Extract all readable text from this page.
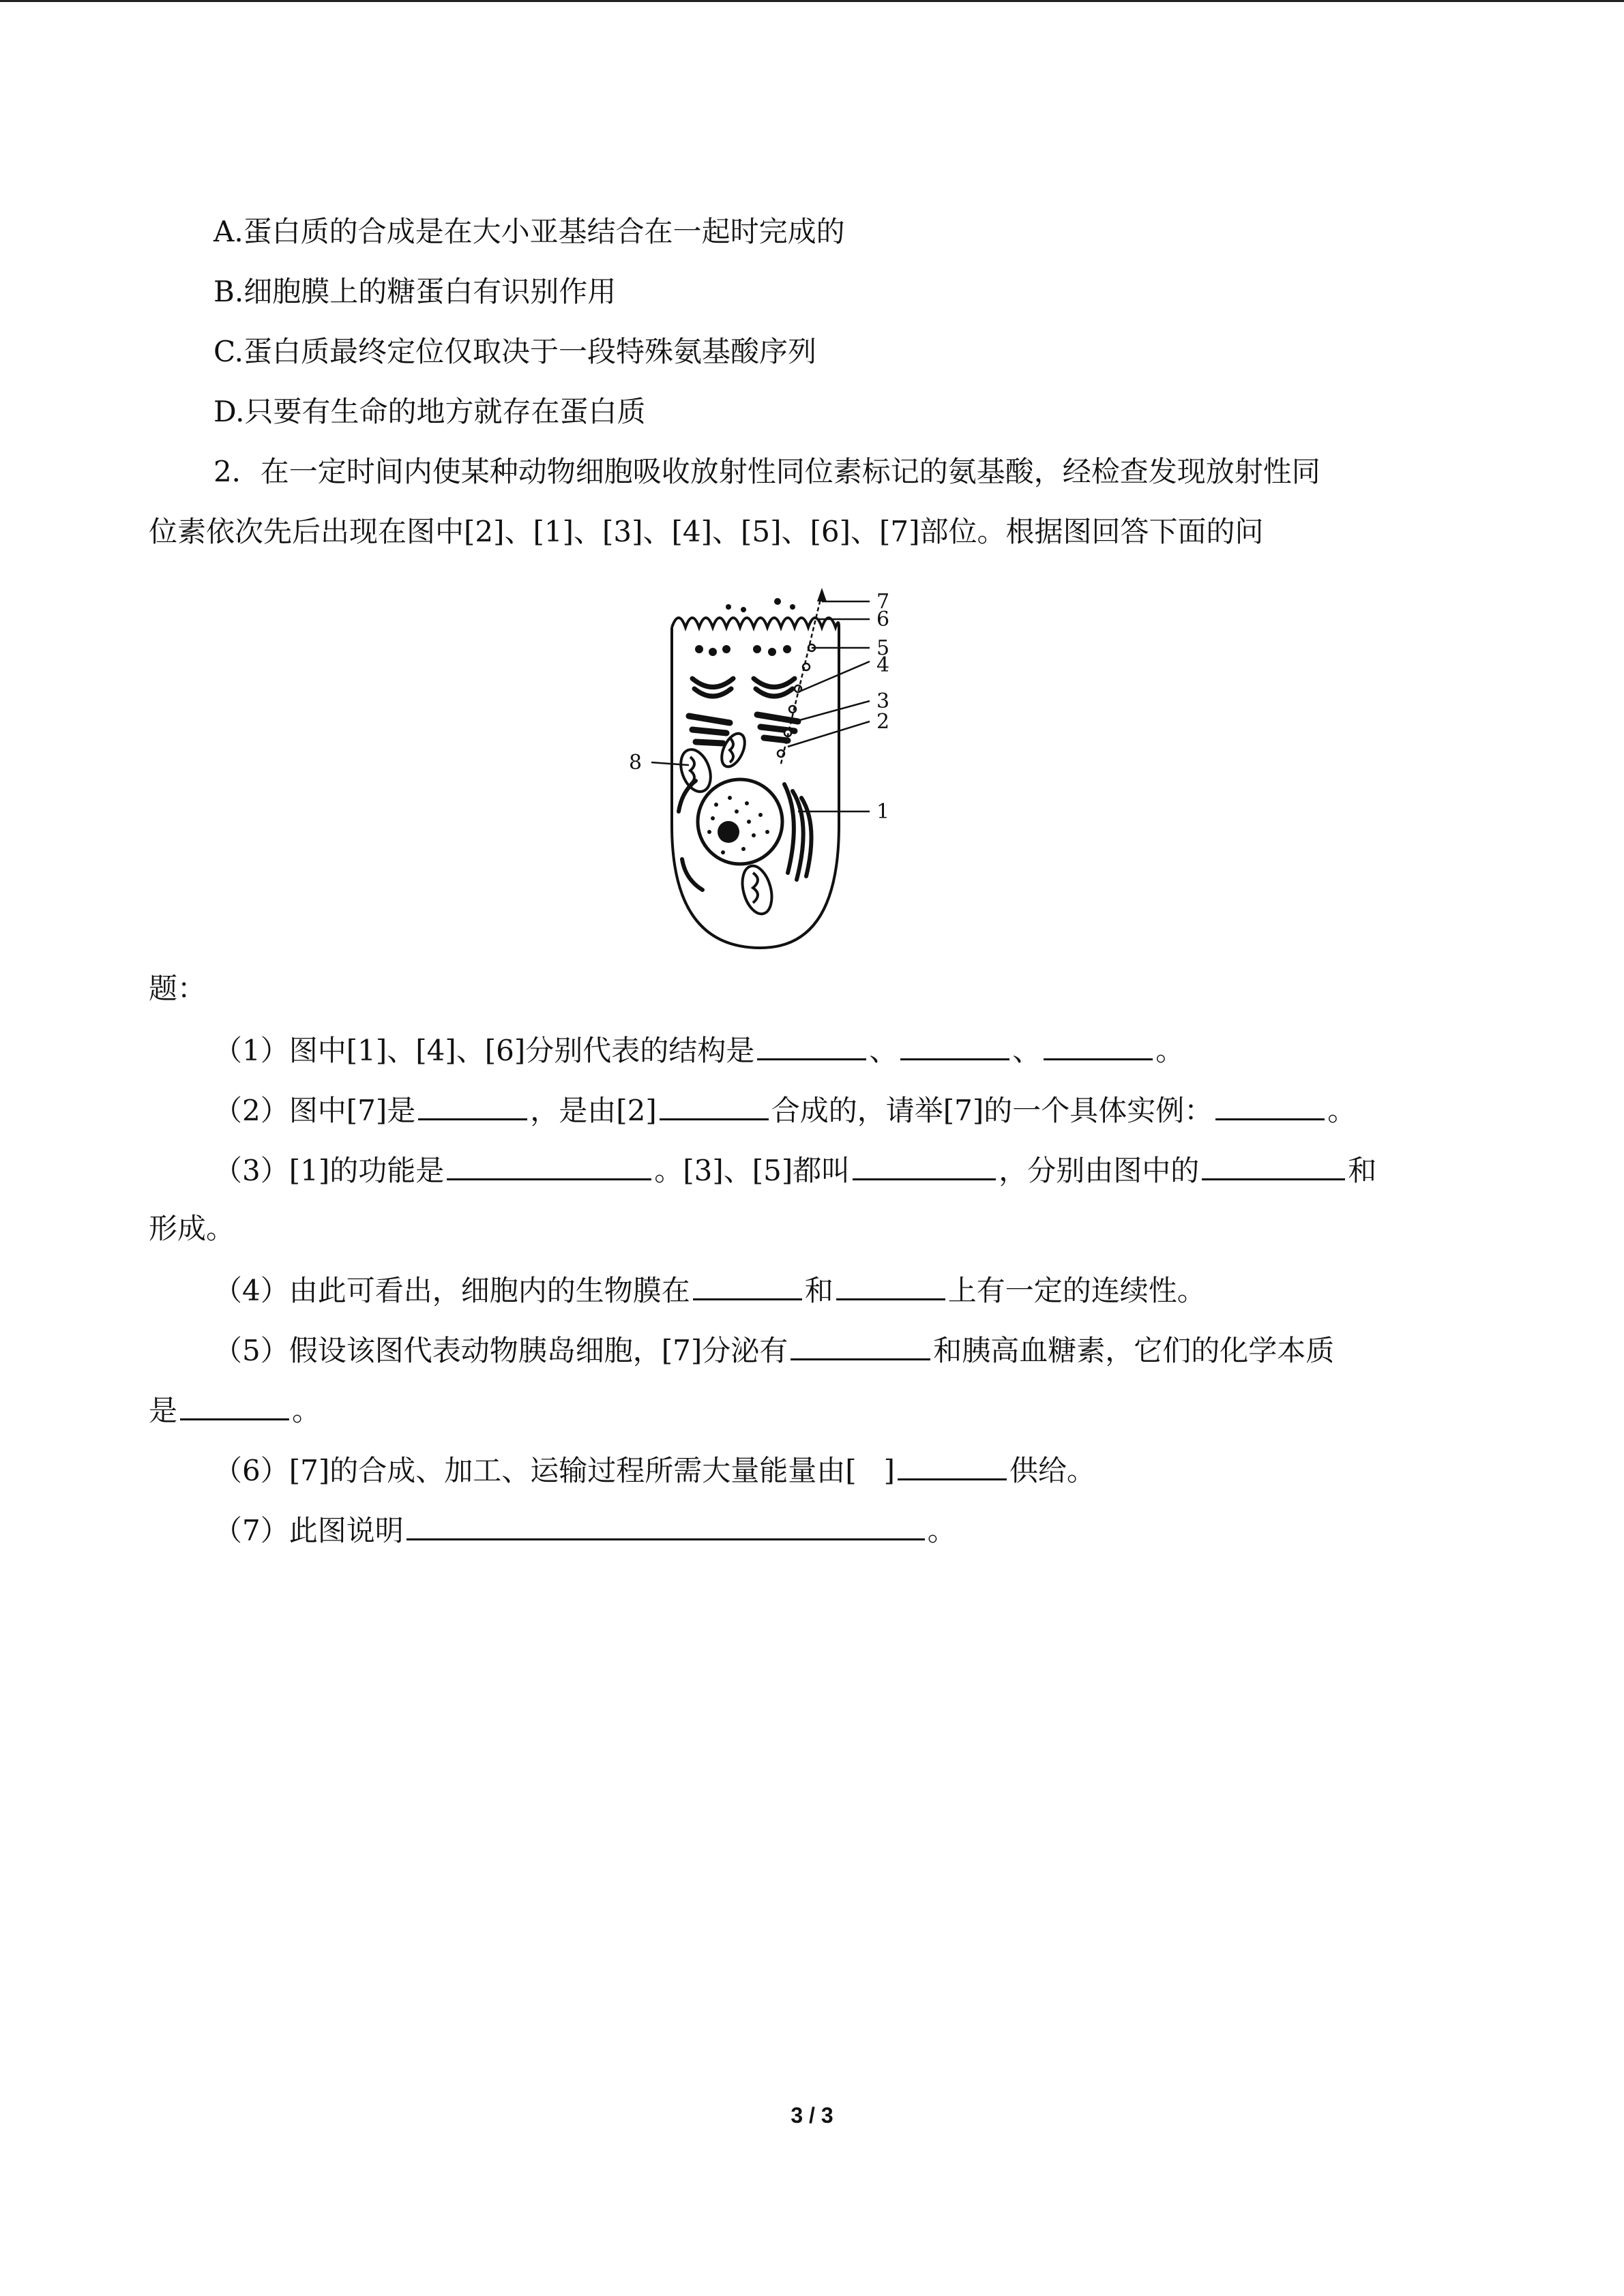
A.蛋白质的合成是在大小亚基结合在一起时完成的
B.细胞膜上的糖蛋白有识别作用
C.蛋白质最终定位仅取决于一段特殊氨基酸序列
D.只要有生命的地方就存在蛋白质
2．在一定时间内使某种动物细胞吸收放射性同位素标记的氨基酸，经检查发现放射性同
位素依次先后出现在图中[2]、[1]、[3]、[4]、[5]、[6]、[7]部位。根据图回答下面的问
7
6
5
4
3
2
1
8
题：
（1）图中[1]、[4]、[6]分别代表的结构是	、	、	。
（2）图中[7]是	，是由[2]	合成的，请举[7]的一个具体实例：	。
（3）[1]的功能是	。[3]、[5]都叫	，分别由图中的	和
形成。
（4）由此可看出，细胞内的生物膜在	和	上有一定的连续性。
（5）假设该图代表动物胰岛细胞，[7]分泌有	和胰高血糖素，它们的化学本质
是	。
（6）[7]的合成、加工、运输过程所需大量能量由[ ]	供给。
（7）此图说明	。
3 / 3
